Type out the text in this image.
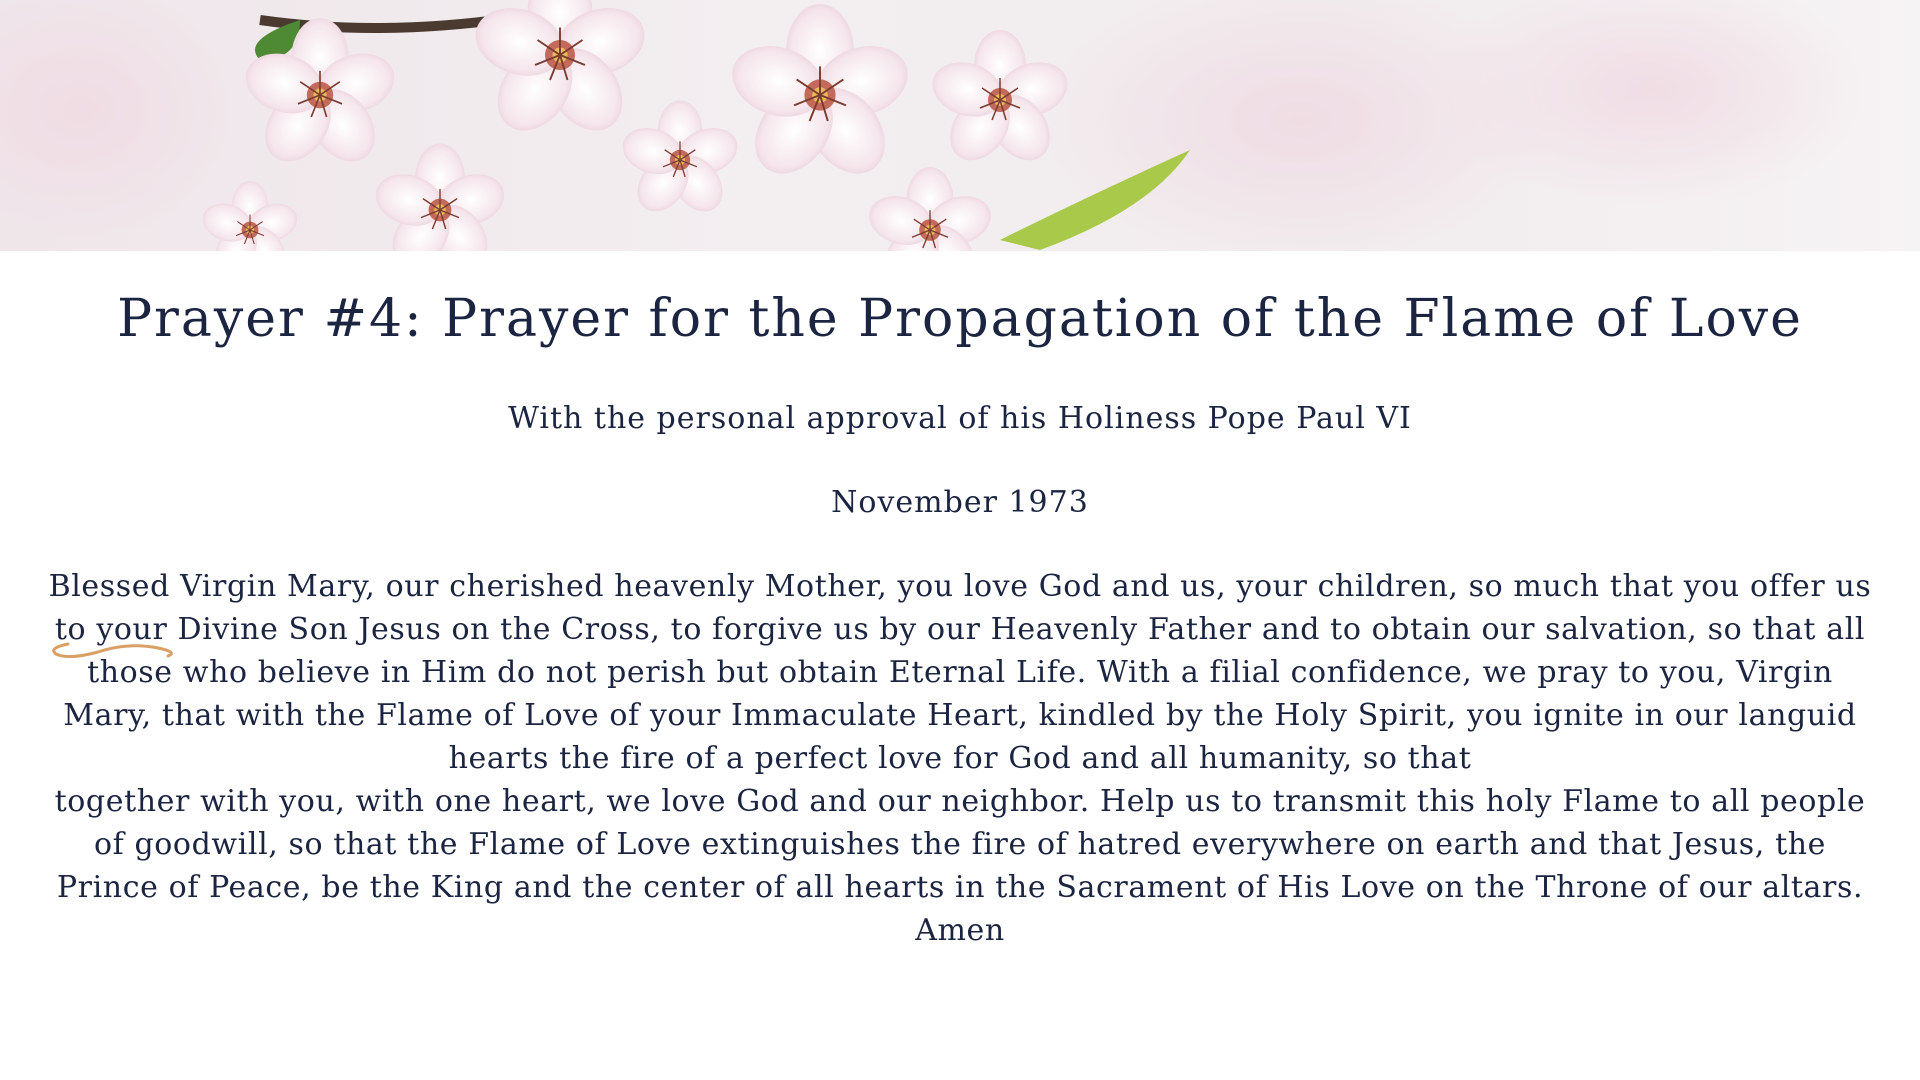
Prayer #4: Prayer for the Propagation of the Flame of Love
With the personal approval of his Holiness Pope Paul VI
November 1973

Blessed Virgin Mary, our cherished heavenly Mother, you love God and us, your children, so much that you offer us to your Divine Son Jesus on the Cross, to forgive us by our Heavenly Father and to obtain our salvation, so that all those who believe in Him do not perish but obtain Eternal Life. With a filial confidence, we pray to you, Virgin Mary, that with the Flame of Love of your Immaculate Heart, kindled by the Holy Spirit, you ignite in our languid hearts the fire of a perfect love for God and all humanity, so that

together with you, with one heart, we love God and our neighbor. Help us to transmit this holy Flame to all people of goodwill, so that the Flame of Love extinguishes the fire of hatred everywhere on earth and that Jesus, the Prince of Peace, be the King and the center of all hearts in the Sacrament of His Love on the Throne of our altars. Amen
